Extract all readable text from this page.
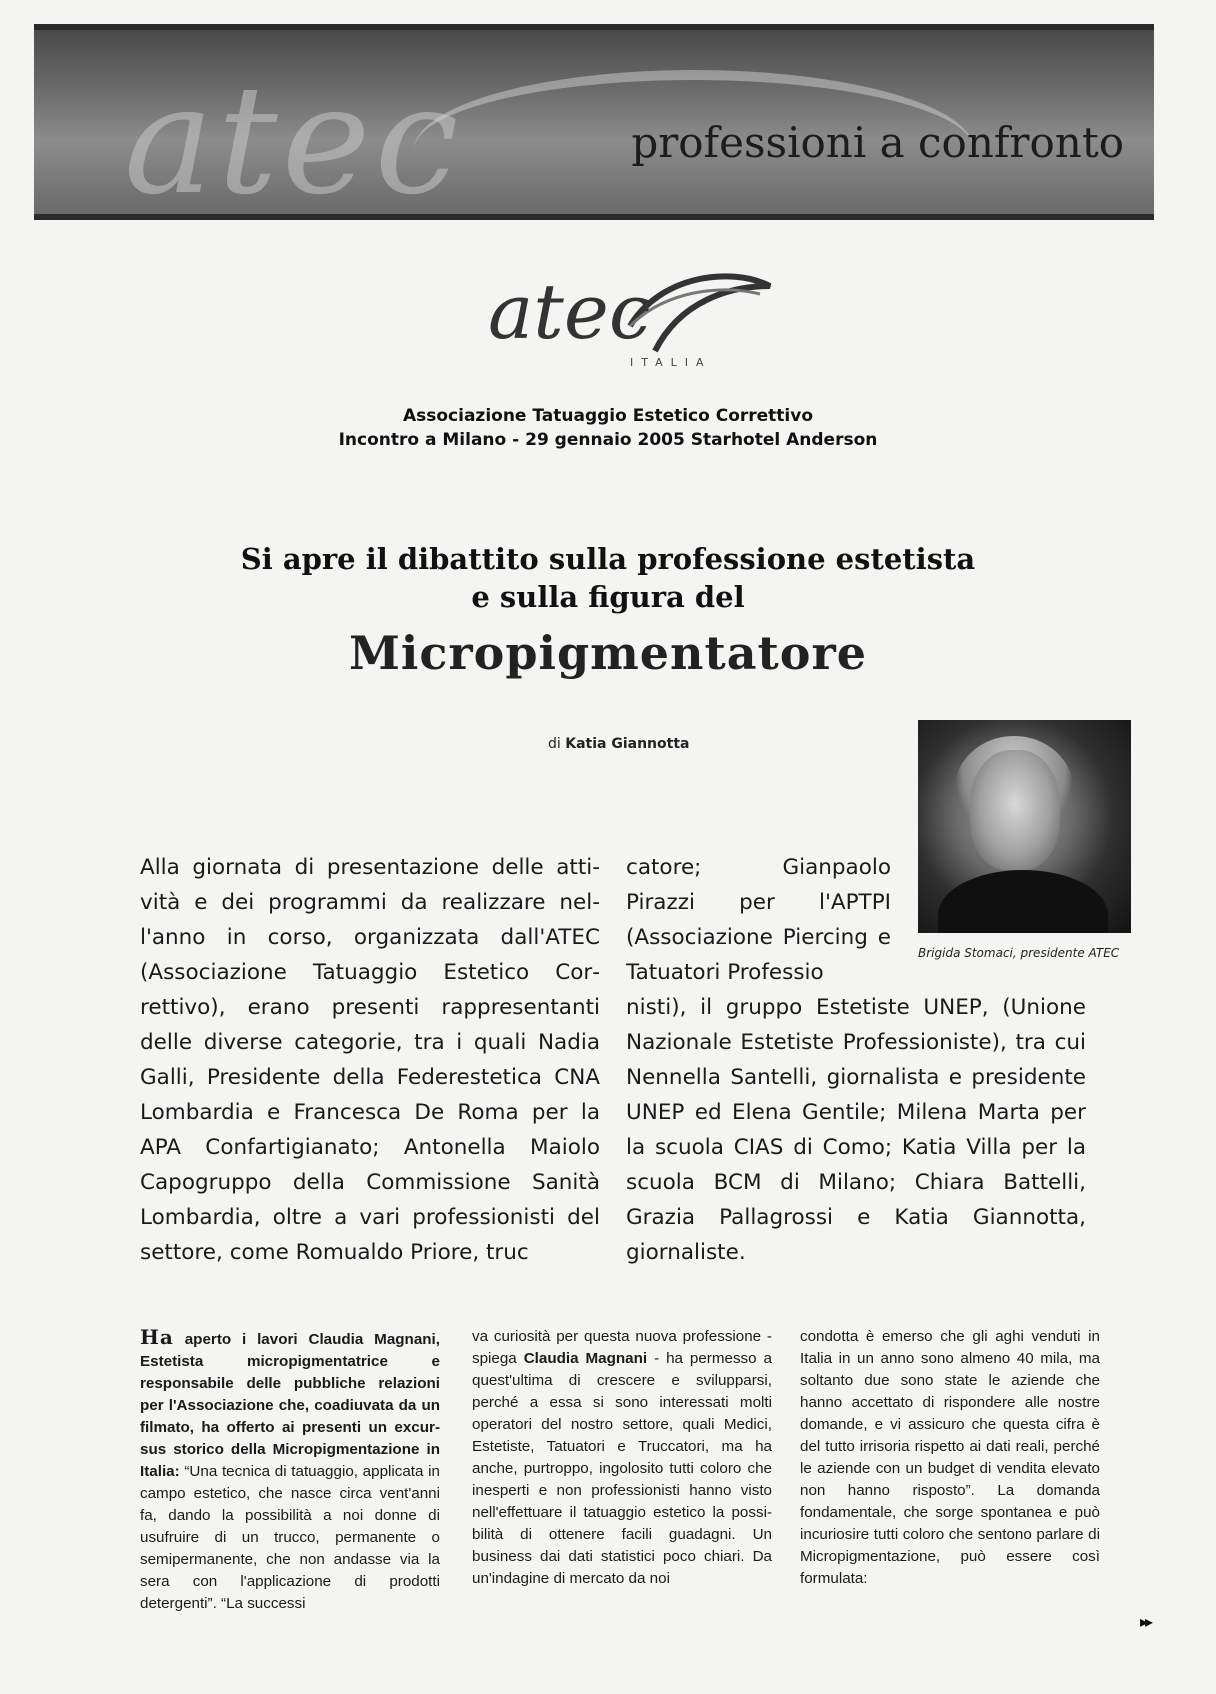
atec	professioni a confronto
atec
ITALIA
Associazione Tatuaggio Estetico Correttivo
Incontro a Milano - 29 gennaio 2005 Starhotel Anderson
Si apre il dibattito sulla professione estetista
e sulla figura del
Micropigmentatore
di Katia Giannotta
Brigida Stomaci, presidente ATEC
Alla giornata di presentazione delle attività e dei programmi da realizzare nell'anno in corso, organizzata dall'ATEC (Associazione Tatuaggio Estetico Correttivo), erano presenti rappresentanti delle diverse categorie, tra i quali Nadia Galli, Presidente della Federestetica CNA Lombardia e Francesca De Roma per la APA Confartigianato; Antonella Maiolo Capogruppo della Commissione Sanità Lombardia, oltre a vari professionisti del settore, come Romualdo Priore, truc
catore; Gianpaolo Pirazzi per l'APTPI (Associazione Piercing e Tatuatori Professio
nisti), il gruppo Estetiste UNEP, (Unione Nazionale Estetiste Professioniste), tra cui Nennella Santelli, giornalista e presidente UNEP ed Elena Gentile; Milena Marta per la scuola CIAS di Como; Katia Villa per la scuola BCM di Milano; Chiara Battelli, Grazia Pallagrossi e Katia Giannotta, giornaliste.
Ha aperto i lavori Claudia Magnani, Estetista micropigmentatrice e responsabile delle pubbliche relazioni per l'Associazione che, coadiuvata da un filmato, ha offerto ai presenti un excursus storico della Micropigmentazione in Italia: “Una tecnica di tatuaggio, applicata in campo estetico, che nasce circa vent'anni fa, dando la possibilità a noi donne di usufruire di un trucco, permanente o semipermanente, che non andasse via la sera con l'applicazione di prodotti detergenti”. “La successi
va curiosità per questa nuova professione - spiega Claudia Magnani - ha permesso a quest'ultima di crescere e svilupparsi, perché a essa si sono interessati molti operatori del nostro settore, quali Medici, Estetiste, Tatuatori e Truccatori, ma ha anche, purtroppo, ingolosito tutti coloro che inesperti e non professionisti hanno visto nell'effettuare il tatuaggio estetico la possibilità di ottenere facili guadagni. Un business dai dati statistici poco chiari. Da un'indagine di mercato da noi
condotta è emerso che gli aghi venduti in Italia in un anno sono almeno 40 mila, ma soltanto due sono state le aziende che hanno accettato di rispondere alle nostre domande, e vi assicuro che questa cifra è del tutto irrisoria rispetto ai dati reali, perché le aziende con un budget di vendita elevato non hanno risposto”. La domanda fondamentale, che sorge spontanea e può incuriosire tutti coloro che sentono parlare di Micropigmentazione, può essere così formulata:
▸▸
